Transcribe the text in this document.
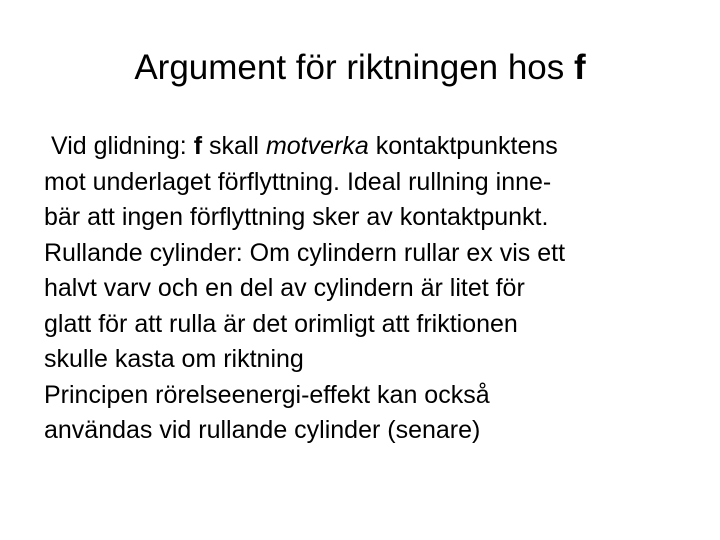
Argument för riktningen hos f
Vid glidning: f skall motverka kontaktpunktens
mot underlaget förflyttning. Ideal rullning inne-
bär att ingen förflyttning sker av kontaktpunkt.
Rullande cylinder: Om cylindern rullar ex vis ett
halvt varv och en del av cylindern är litet för
glatt för att rulla är det orimligt att friktionen
skulle kasta om riktning
Principen rörelseenergi-effekt kan också
användas vid rullande cylinder (senare)
